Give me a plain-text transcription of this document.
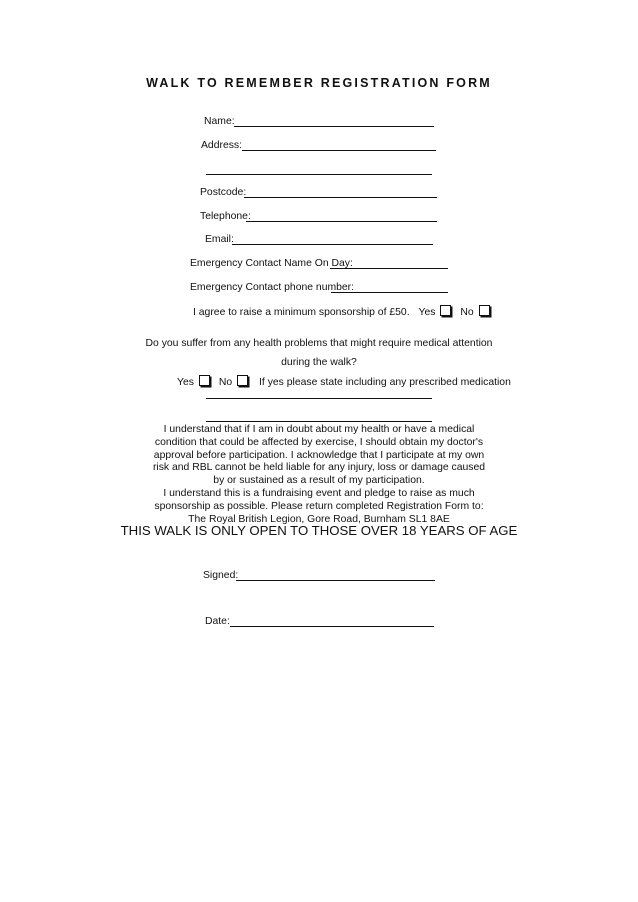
WALK TO REMEMBER REGISTRATION FORM
Name:
Address:
Postcode:
Telephone:
Email:
Emergency Contact Name On Day:
Emergency Contact phone number:
I agree to raise a minimum sponsorship of £50. Yes No
Do you suffer from any health problems that might require medical attention
during the walk?
Yes No	If yes please state including any prescribed medication
I understand that if I am in doubt about my health or have a medical
condition that could be affected by exercise, I should obtain my doctor's
approval before participation. I acknowledge that I participate at my own
risk and RBL cannot be held liable for any injury, loss or damage caused
by or sustained as a result of my participation.
I understand this is a fundraising event and pledge to raise as much
sponsorship as possible. Please return completed Registration Form to:
The Royal British Legion, Gore Road, Burnham SL1 8AE
THIS WALK IS ONLY OPEN TO THOSE OVER 18 YEARS OF AGE
Signed:
Date:
